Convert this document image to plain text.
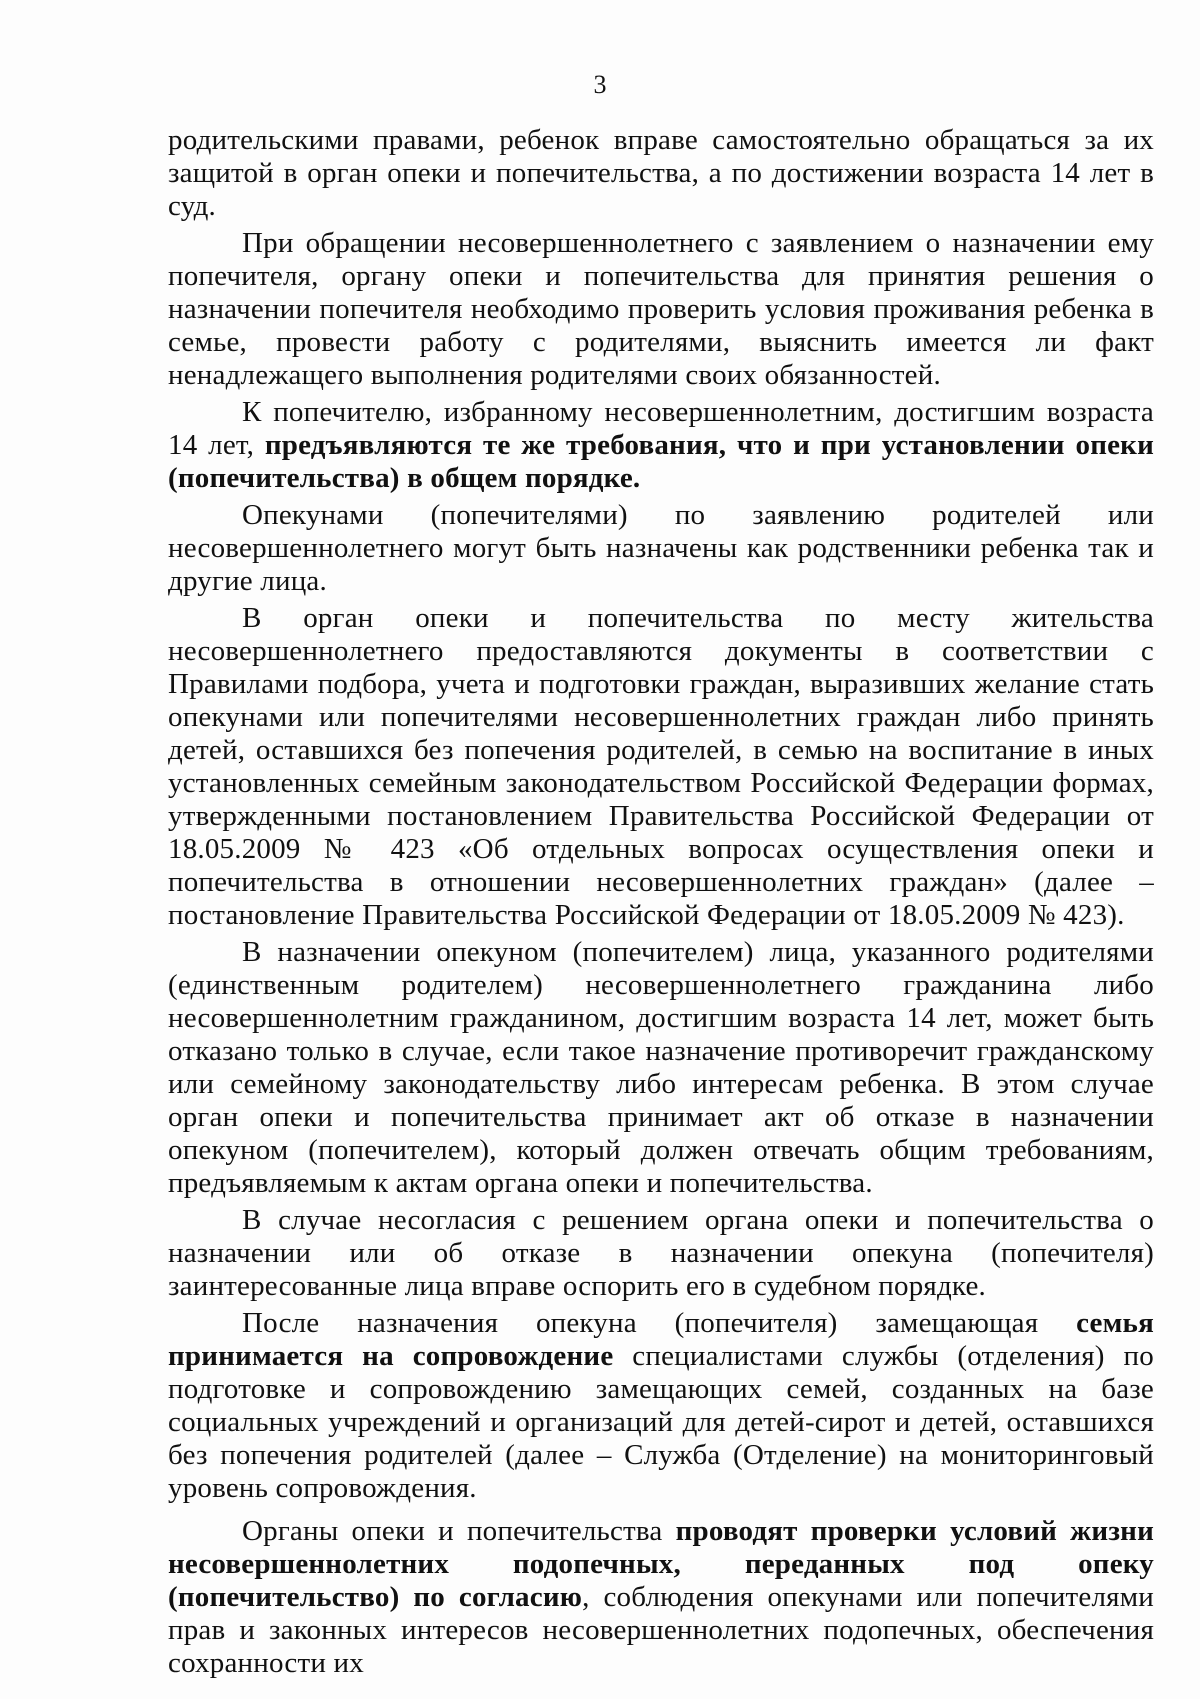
3

родительскими правами, ребенок вправе самостоятельно обращаться за их защитой в орган опеки и попечительства, а по достижении возраста 14 лет в суд.

При обращении несовершеннолетнего с заявлением о назначении ему попечителя, органу опеки и попечительства для принятия решения о назначении попечителя необходимо проверить условия проживания ребенка в семье, провести работу с родителями, выяснить имеется ли факт ненадлежащего выполнения родителями своих обязанностей.

К попечителю, избранному несовершеннолетним, достигшим возраста 14 лет, предъявляются те же требования, что и при установлении опеки (попечительства) в общем порядке.

Опекунами (попечителями) по заявлению родителей или несовершеннолетнего могут быть назначены как родственники ребенка так и другие лица.

В орган опеки и попечительства по месту жительства несовершеннолетнего предоставляются документы в соответствии с Правилами подбора, учета и подготовки граждан, выразивших желание стать опекунами или попечителями несовершеннолетних граждан либо принять детей, оставшихся без попечения родителей, в семью на воспитание в иных установленных семейным законодательством Российской Федерации формах, утвержденными постановлением Правительства Российской Федерации от 18.05.2009 № 423 «Об отдельных вопросах осуществления опеки и попечительства в отношении несовершеннолетних граждан» (далее – постановление Правительства Российской Федерации от 18.05.2009 № 423).

В назначении опекуном (попечителем) лица, указанного родителями (единственным родителем) несовершеннолетнего гражданина либо несовершеннолетним гражданином, достигшим возраста 14 лет, может быть отказано только в случае, если такое назначение противоречит гражданскому или семейному законодательству либо интересам ребенка. В этом случае орган опеки и попечительства принимает акт об отказе в назначении опекуном (попечителем), который должен отвечать общим требованиям, предъявляемым к актам органа опеки и попечительства.

В случае несогласия с решением органа опеки и попечительства о назначении или об отказе в назначении опекуна (попечителя) заинтересованные лица вправе оспорить его в судебном порядке.

После назначения опекуна (попечителя) замещающая семья принимается на сопровождение специалистами службы (отделения) по подготовке и сопровождению замещающих семей, созданных на базе социальных учреждений и организаций для детей-сирот и детей, оставшихся без попечения родителей (далее – Служба (Отделение) на мониторинговый уровень сопровождения.

Органы опеки и попечительства проводят проверки условий жизни несовершеннолетних подопечных, переданных под опеку (попечительство) по согласию, соблюдения опекунами или попечителями прав и законных интересов несовершеннолетних подопечных, обеспечения сохранности их
